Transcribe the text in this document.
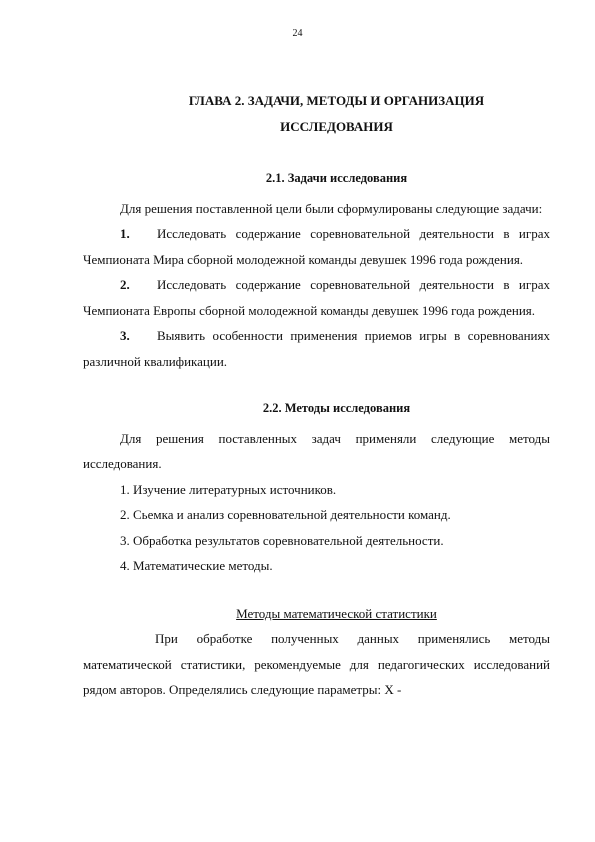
24
ГЛАВА 2. ЗАДАЧИ, МЕТОДЫ И ОРГАНИЗАЦИЯ
ИССЛЕДОВАНИЯ
2.1. Задачи исследования

Для решения поставленной цели были сформулированы следующие задачи:

1. Исследовать содержание соревновательной деятельности в играх Чемпионата Мира сборной молодежной команды девушек 1996 года рождения.

2. Исследовать содержание соревновательной деятельности в играх Чемпионата Европы сборной молодежной команды девушек 1996 года рождения.

3. Выявить особенности применения приемов игры в соревнованиях различной квалификации.

2.2. Методы исследования

Для решения поставленных задач применяли следующие методы исследования.

1. Изучение литературных источников.

2. Сьемка и анализ соревновательной деятельности команд.

3. Обработка результатов соревновательной деятельности.

4. Математические методы.

Методы математической статистики

При обработке полученных данных применялись методы математической статистики, рекомендуемые для педагогических исследований рядом авторов. Определялись следующие параметры: X -
